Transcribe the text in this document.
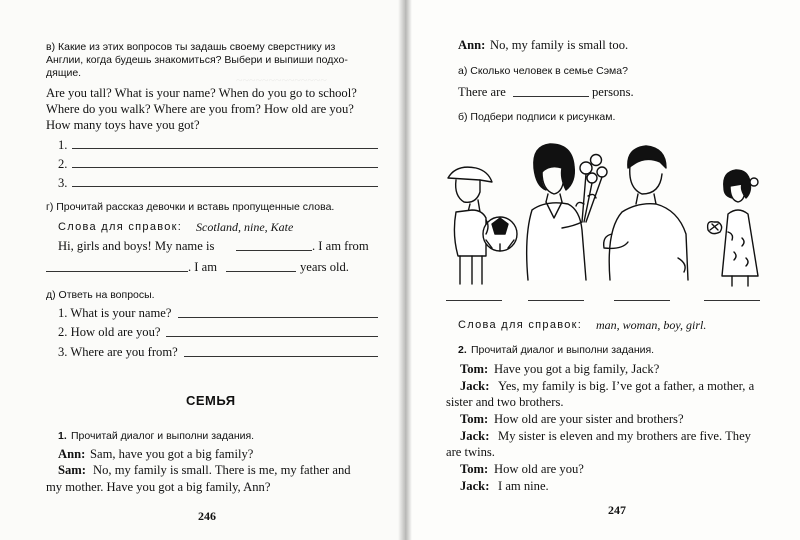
~~~~~~~~~~~~~~
в) Какие из этих вопросов ты задашь своему сверстнику из
Англии, когда будешь знакомиться? Выбери и выпиши подхо-
дящие.
Are you tall? What is your name? When do you go to school?
Where do you walk? Where are you from? How old are you?
How many toys have you got?
1.
2.
3.
г) Прочитай рассказ девочки и вставь пропущенные слова.
Слова для справок: Scotland, nine, Kate
Hi, girls and boys! My name is	. I am from
. I am	years old.
д) Ответь на вопросы.
1. What is your name?
2. How old are you?
3. Where are you from?
СЕМЬЯ
1. Прочитай диалог и выполни задания.
Ann: Sam, have you got a big family?
Sam: No, my family is small. There is me, my father and
my mother. Have you got a big family, Ann?
246
Ann: No, my family is small too.
а) Сколько человек в семье Сэма?
There are	persons.
б) Подбери подписи к рисункам.
Слова для справок: man, woman, boy, girl.
2. Прочитай диалог и выполни задания.
Tom: Have you got a big family, Jack?
Jack: Yes, my family is big. I’ve got a father, a mother, a
sister and two brothers.
Tom: How old are your sister and brothers?
Jack: My sister is eleven and my brothers are five. They
are twins.
Tom: How old are you?
Jack: I am nine.
247
